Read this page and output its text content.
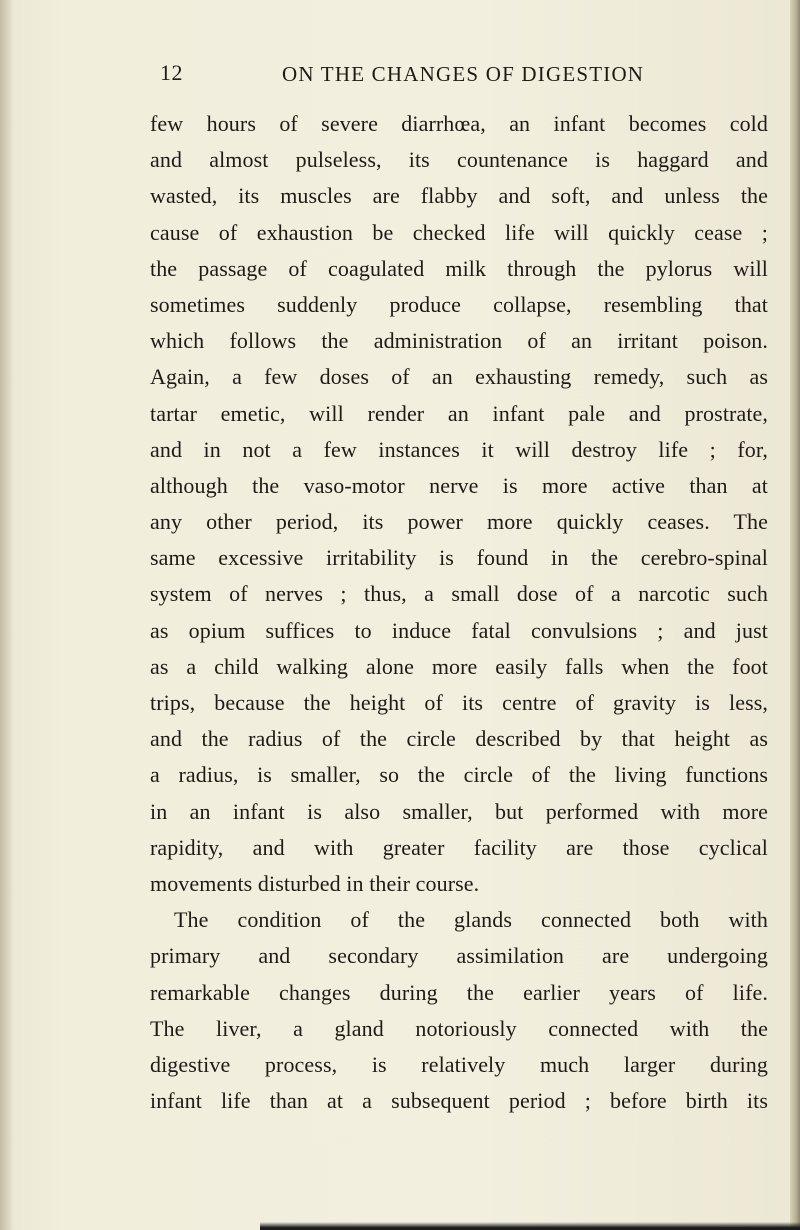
12	ON THE CHANGES OF DIGESTION
few hours of severe diarrhœa, an infant becomes cold
and almost pulseless, its countenance is haggard and
wasted, its muscles are flabby and soft, and unless the
cause of exhaustion be checked life will quickly cease ;
the passage of coagulated milk through the pylorus will
sometimes suddenly produce collapse, resembling that
which follows the administration of an irritant poison.
Again, a few doses of an exhausting remedy, such as
tartar emetic, will render an infant pale and prostrate,
and in not a few instances it will destroy life ; for,
although the vaso-motor nerve is more active than at
any other period, its power more quickly ceases. The
same excessive irritability is found in the cerebro-spinal
system of nerves ; thus, a small dose of a narcotic such
as opium suffices to induce fatal convulsions ; and just
as a child walking alone more easily falls when the foot
trips, because the height of its centre of gravity is less,
and the radius of the circle described by that height as
a radius, is smaller, so the circle of the living functions
in an infant is also smaller, but performed with more
rapidity, and with greater facility are those cyclical
movements disturbed in their course.
The condition of the glands connected both with
primary and secondary assimilation are undergoing
remarkable changes during the earlier years of life.
The liver, a gland notoriously connected with the
digestive process, is relatively much larger during
infant life than at a subsequent period ; before birth its
